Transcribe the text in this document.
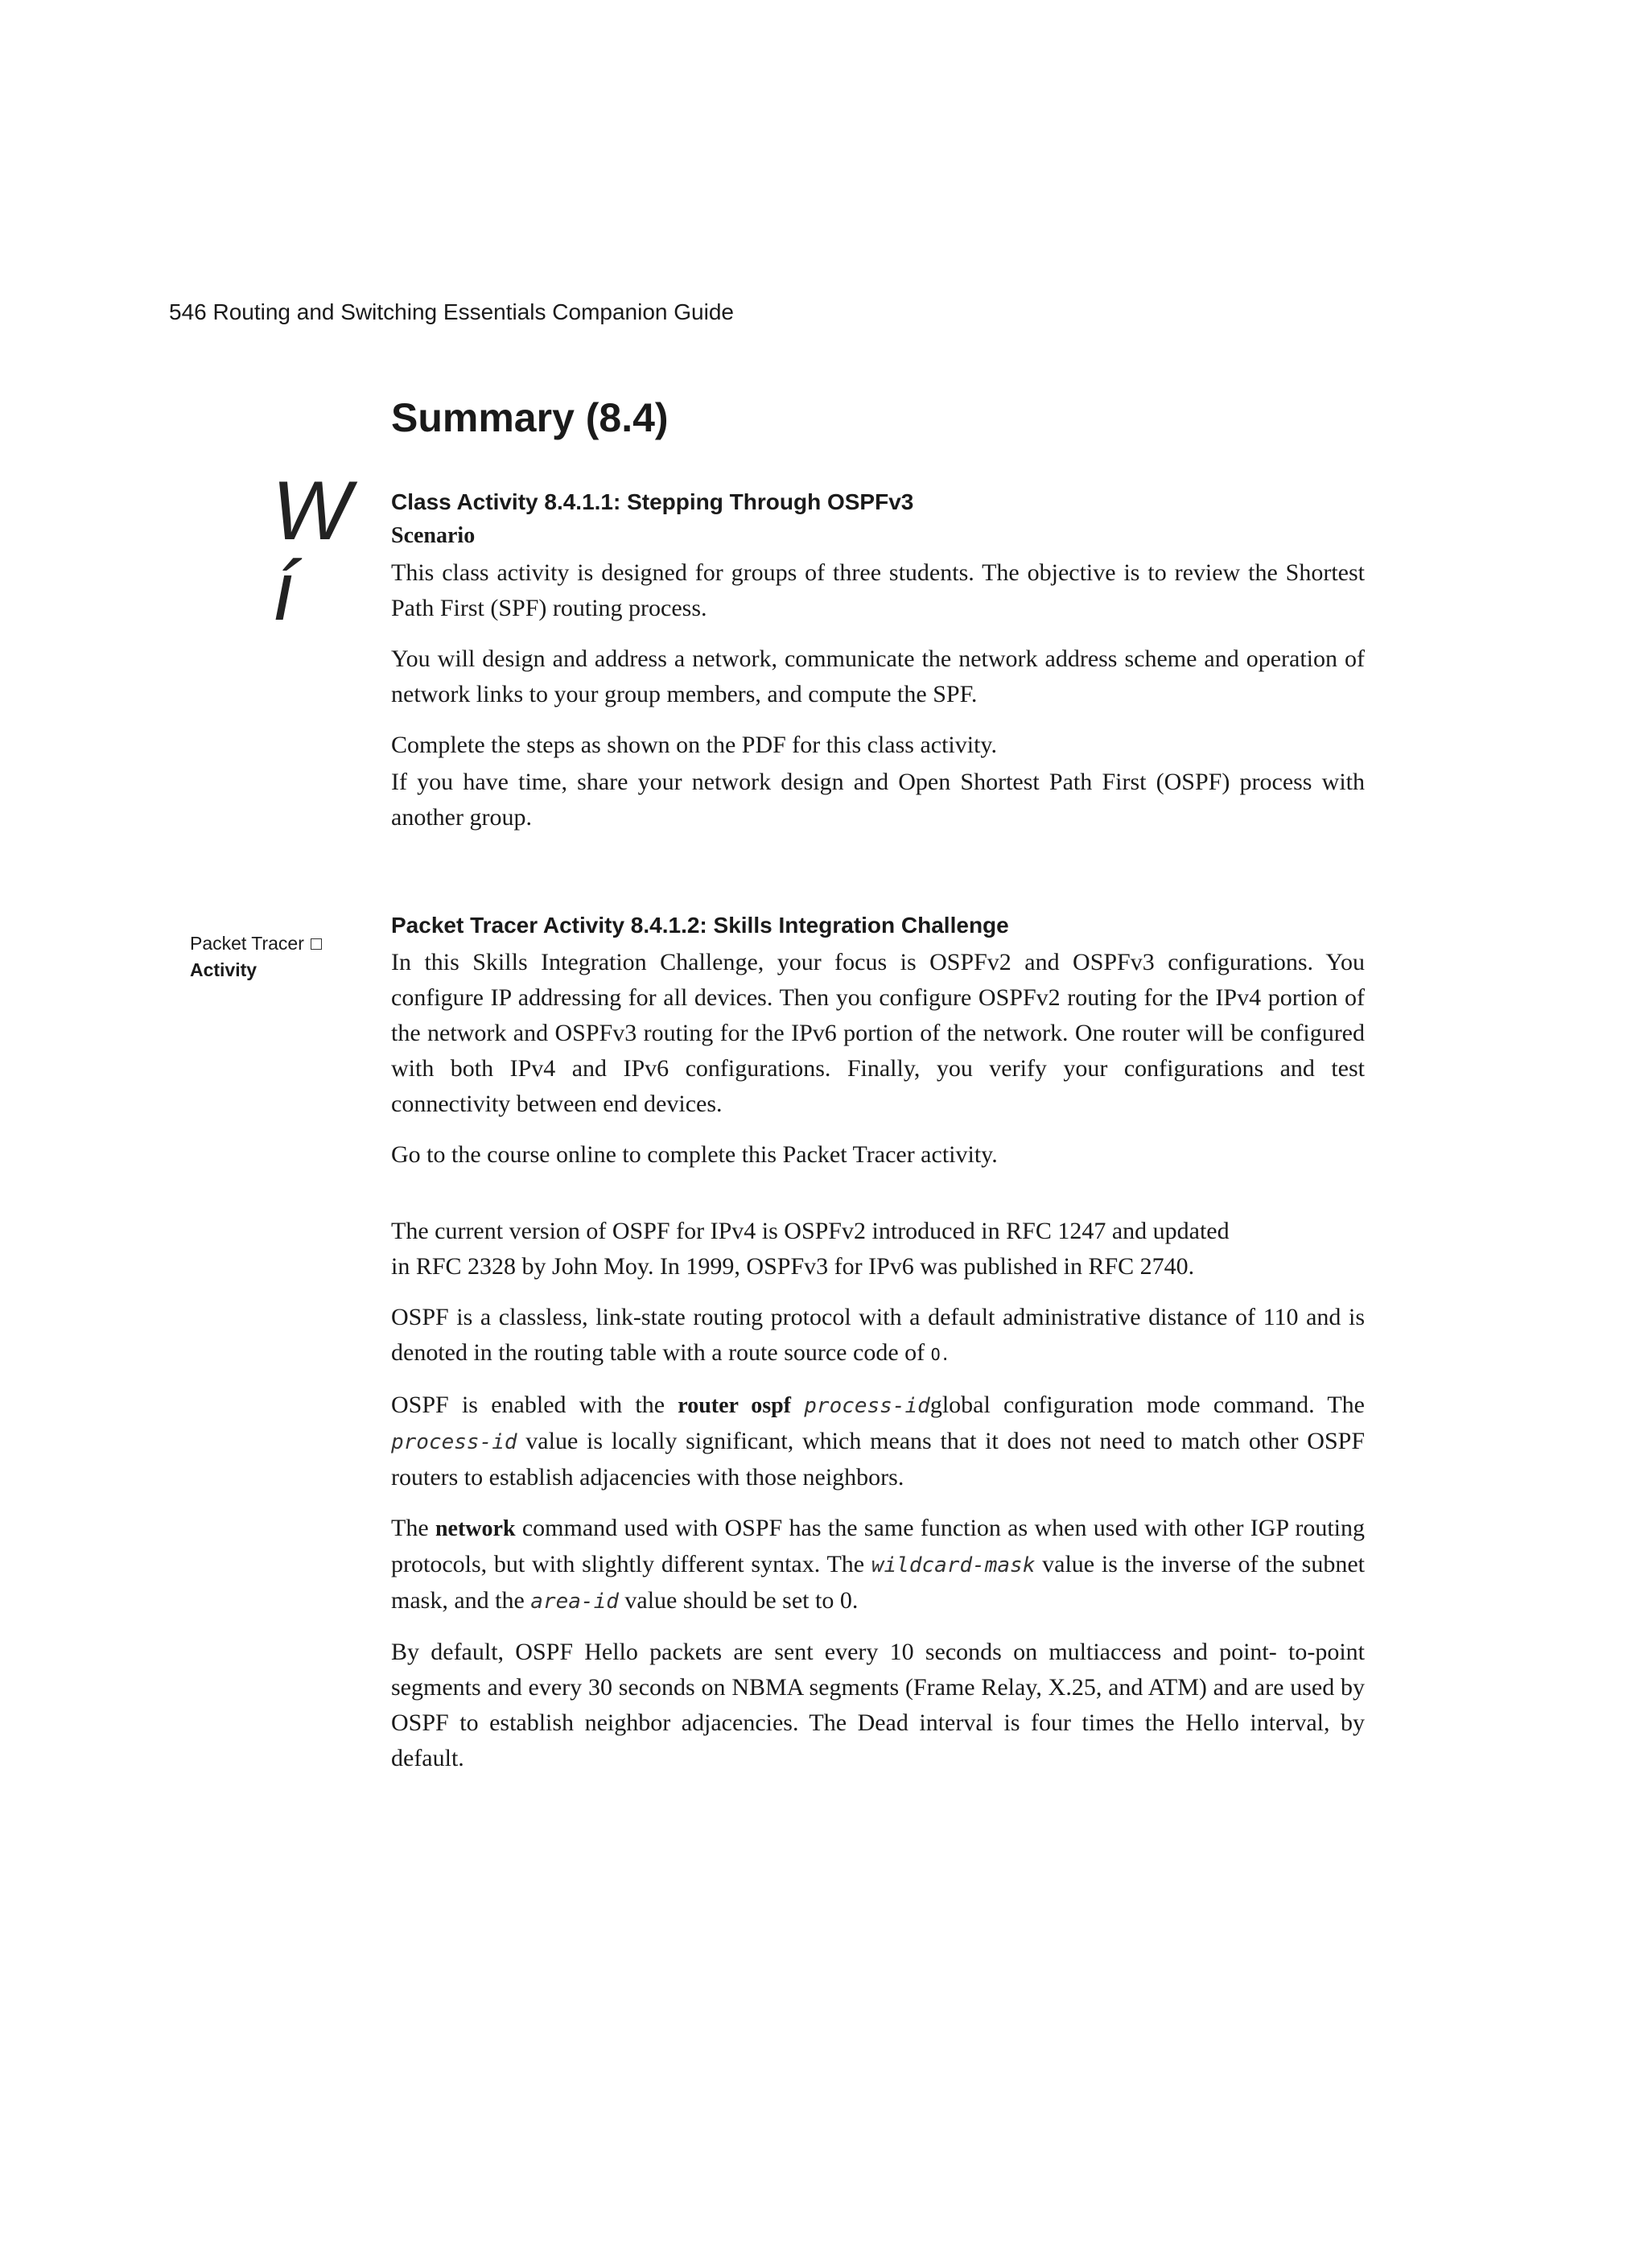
546 Routing and Switching Essentials Companion Guide
Summary (8.4)
W
í
Class Activity 8.4.1.1: Stepping Through OSPFv3
Scenario

This class activity is designed for groups of three students. The objective is to review the Shortest Path First (SPF) routing process.

You will design and address a network, communicate the network address scheme and operation of network links to your group members, and compute the SPF.

Complete the steps as shown on the PDF for this class activity.

If you have time, share your network design and Open Shortest Path First (OSPF) process with another group.

Packet Tracer
Activity
Packet Tracer Activity 8.4.1.2: Skills Integration Challenge

In this Skills Integration Challenge, your focus is OSPFv2 and OSPFv3 configurations. You configure IP addressing for all devices. Then you configure OSPFv2 routing for the IPv4 portion of the network and OSPFv3 routing for the IPv6 portion of the network. One router will be configured with both IPv4 and IPv6 configurations. Finally, you verify your configurations and test connectivity between end devices.

Go to the course online to complete this Packet Tracer activity.

The current version of OSPF for IPv4 is OSPFv2 introduced in RFC 1247 and updated
in RFC 2328 by John Moy. In 1999, OSPFv3 for IPv6 was published in RFC 2740.

OSPF is a classless, link-state routing protocol with a default administrative distance of 110 and is denoted in the routing table with a route source code of O.

OSPF is enabled with the router ospf process-idglobal configuration mode command. The process-id value is locally significant, which means that it does not need to match other OSPF routers to establish adjacencies with those neighbors.

The network command used with OSPF has the same function as when used with other IGP routing protocols, but with slightly different syntax. The wildcard-mask value is the inverse of the subnet mask, and the area-id value should be set to 0.

By default, OSPF Hello packets are sent every 10 seconds on multiaccess and point- to-point segments and every 30 seconds on NBMA segments (Frame Relay, X.25, and ATM) and are used by OSPF to establish neighbor adjacencies. The Dead interval is four times the Hello interval, by default.
